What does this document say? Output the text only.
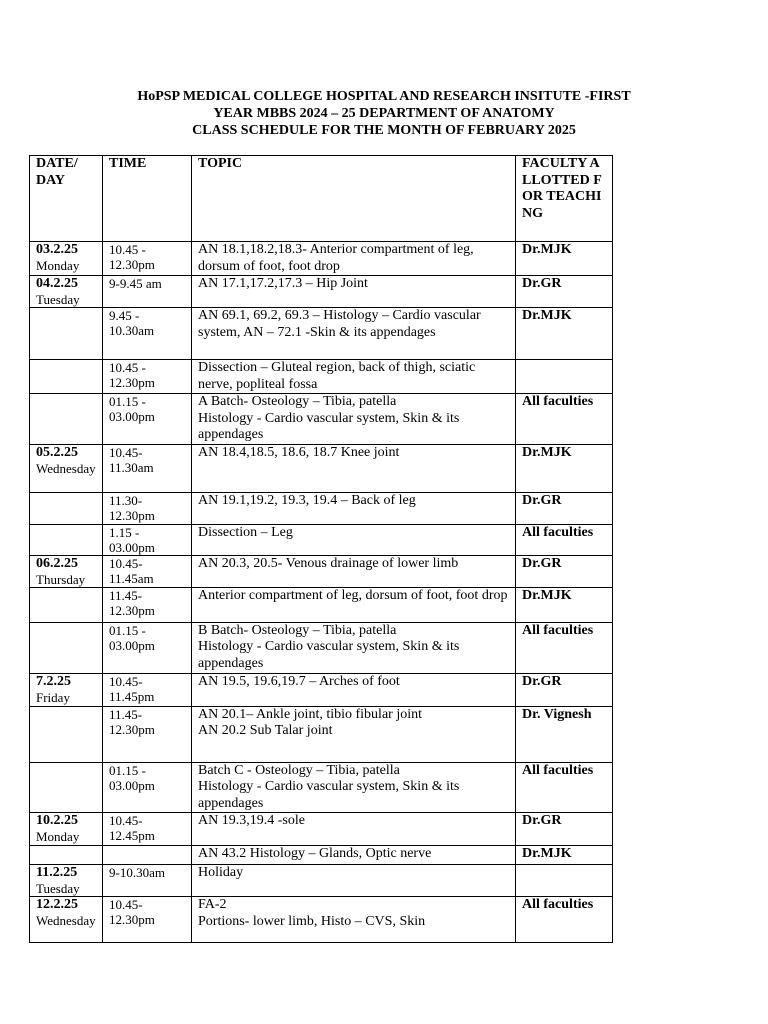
HoPSP MEDICAL COLLEGE HOSPITAL AND RESEARCH INSITUTE -FIRST
YEAR MBBS 2024 – 25 DEPARTMENT OF ANATOMY
CLASS SCHEDULE FOR THE MONTH OF FEBRUARY 2025
DATE/ DAY	TIME	TOPIC	FACULTY ALLOTTED FOR TEACHING

03.2.25
Monday	10.45 - 12.30pm	AN 18.1,18.2,18.3- Anterior compartment of leg, dorsum of foot, foot drop	Dr.MJK

04.2.25
Tuesday	9-9.45 am	AN 17.1,17.2,17.3 – Hip Joint	Dr.GR

	9.45 - 10.30am	AN 69.1, 69.2, 69.3 – Histology – Cardio vascular system, AN – 72.1 -Skin & its appendages	Dr.MJK

	10.45 - 12.30pm	Dissection – Gluteal region, back of thigh, sciatic nerve, popliteal fossa	

	01.15 - 03.00pm	A Batch- Osteology – Tibia, patella
Histology - Cardio vascular system, Skin & its appendages	All faculties

05.2.25
Wednesday	10.45- 11.30am	AN 18.4,18.5, 18.6, 18.7 Knee joint	Dr.MJK

	11.30- 12.30pm	AN 19.1,19.2, 19.3, 19.4 – Back of leg	Dr.GR

	1.15 - 03.00pm	Dissection – Leg	All faculties

06.2.25
Thursday	10.45- 11.45am	AN 20.3, 20.5- Venous drainage of lower limb	Dr.GR

	11.45- 12.30pm	Anterior compartment of leg, dorsum of foot, foot drop	Dr.MJK

	01.15 - 03.00pm	B Batch- Osteology – Tibia, patella
Histology - Cardio vascular system, Skin & its appendages	All faculties

7.2.25
Friday	10.45- 11.45pm	AN 19.5, 19.6,19.7 – Arches of foot	Dr.GR

	11.45- 12.30pm	AN 20.1– Ankle joint, tibio fibular joint
AN 20.2 Sub Talar joint	Dr. Vignesh

	01.15 - 03.00pm	Batch C - Osteology – Tibia, patella
Histology - Cardio vascular system, Skin & its appendages	All faculties

10.2.25
Monday	10.45- 12.45pm	AN 19.3,19.4 -sole	Dr.GR

		AN 43.2 Histology – Glands, Optic nerve	Dr.MJK

11.2.25
Tuesday	9-10.30am	Holiday	

12.2.25
Wednesday	10.45- 12.30pm	FA-2
Portions- lower limb, Histo – CVS, Skin	All faculties
